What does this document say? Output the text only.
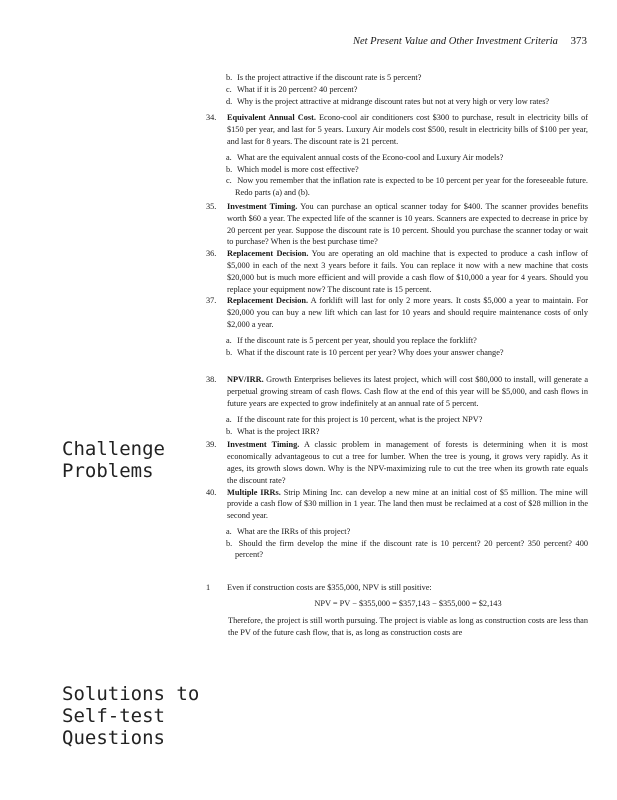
Net Present Value and Other Investment Criteria 373
b. Is the project attractive if the discount rate is 5 percent?
c. What if it is 20 percent? 40 percent?
d. Why is the project attractive at midrange discount rates but not at very high or very low rates?
34. Equivalent Annual Cost. Econo-cool air conditioners cost $300 to purchase, result in electricity bills of $150 per year, and last for 5 years. Luxury Air models cost $500, result in electricity bills of $100 per year, and last for 8 years. The discount rate is 21 percent.
a. What are the equivalent annual costs of the Econo-cool and Luxury Air models?
b. Which model is more cost effective?
c. Now you remember that the inflation rate is expected to be 10 percent per year for the foreseeable future. Redo parts (a) and (b).
35. Investment Timing. You can purchase an optical scanner today for $400. The scanner provides benefits worth $60 a year. The expected life of the scanner is 10 years. Scanners are expected to decrease in price by 20 percent per year. Suppose the discount rate is 10 percent. Should you purchase the scanner today or wait to purchase? When is the best purchase time?
36. Replacement Decision. You are operating an old machine that is expected to produce a cash inflow of $5,000 in each of the next 3 years before it fails. You can replace it now with a new machine that costs $20,000 but is much more efficient and will provide a cash flow of $10,000 a year for 4 years. Should you replace your equipment now? The discount rate is 15 percent.
37. Replacement Decision. A forklift will last for only 2 more years. It costs $5,000 a year to maintain. For $20,000 you can buy a new lift which can last for 10 years and should require maintenance costs of only $2,000 a year.
a. If the discount rate is 5 percent per year, should you replace the forklift?
b. What if the discount rate is 10 percent per year? Why does your answer change?
38. NPV/IRR. Growth Enterprises believes its latest project, which will cost $80,000 to install, will generate a perpetual growing stream of cash flows. Cash flow at the end of this year will be $5,000, and cash flows in future years are expected to grow indefinitely at an annual rate of 5 percent.
a. If the discount rate for this project is 10 percent, what is the project NPV?
b. What is the project IRR?
39. Investment Timing. A classic problem in management of forests is determining when it is most economically advantageous to cut a tree for lumber. When the tree is young, it grows very rapidly. As it ages, its growth slows down. Why is the NPV-maximizing rule to cut the tree when its growth rate equals the discount rate?
40. Multiple IRRs. Strip Mining Inc. can develop a new mine at an initial cost of $5 million. The mine will provide a cash flow of $30 million in 1 year. The land then must be reclaimed at a cost of $28 million in the second year.
a. What are the IRRs of this project?
b. Should the firm develop the mine if the discount rate is 10 percent? 20 percent? 350 percent? 400 percent?
1 Even if construction costs are $355,000, NPV is still positive:
NPV = PV − $355,000 = $357,143 − $355,000 = $2,143
Therefore, the project is still worth pursuing. The project is viable as long as construction costs are less than the PV of the future cash flow, that is, as long as construction costs are
Challenge
Problems
Solutions to
Self-test
Questions
